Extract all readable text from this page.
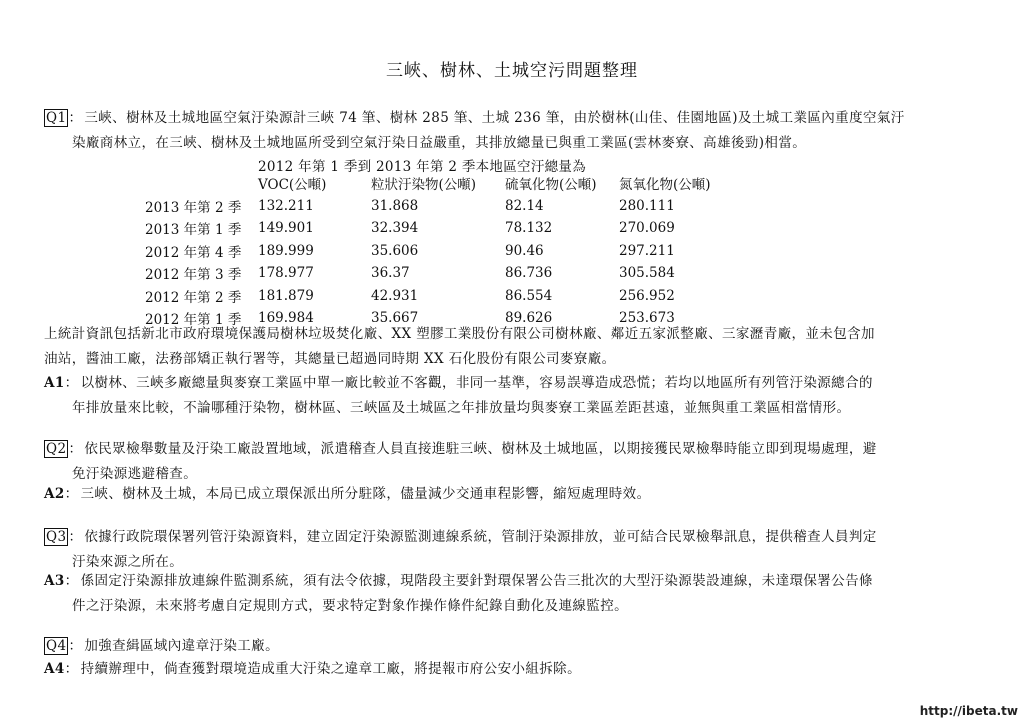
三峽、樹林、土城空污問題整理
Q1 ： 三峽、樹林及土城地區空氣汙染源計三峽 74 筆、樹林 285 筆、土城 236 筆，由於樹林(山佳、佳園地區)及土城工業區內重度空氣汙
染廠商林立，在三峽、樹林及土城地區所受到空氣汙染日益嚴重，其排放總量已與重工業區(雲林麥寮、高雄後勁)相當。
2012 年第 1 季到 2013 年第 2 季本地區空汙總量為
	VOC(公噸)	粒狀汙染物(公噸)	硫氧化物(公噸)	氮氧化物(公噸)
2013 年第 2 季	132.211	31.868	82.14	280.111
2013 年第 1 季	149.901	32.394	78.132	270.069
2012 年第 4 季	189.999	35.606	90.46	297.211
2012 年第 3 季	178.977	36.37	86.736	305.584
2012 年第 2 季	181.879	42.931	86.554	256.952
2012 年第 1 季	169.984	35.667	89.626	253.673
上統計資訊包括新北市政府環境保護局樹林垃圾焚化廠、XX 塑膠工業股份有限公司樹林廠、鄰近五家派整廠、三家瀝青廠，並未包含加
油站，醬油工廠，法務部矯正執行署等，其總量已超過同時期 XX 石化股份有限公司麥寮廠。
A1： 以樹林、三峽多廠總量與麥寮工業區中單一廠比較並不客觀，非同一基準，容易誤導造成恐慌；若均以地區所有列管汙染源總合的
年排放量來比較，不論哪種汙染物，樹林區、三峽區及土城區之年排放量均與麥寮工業區差距甚遠，並無與重工業區相當情形。
Q2 ： 依民眾檢舉數量及汙染工廠設置地域，派遣稽查人員直接進駐三峽、樹林及土城地區，以期接獲民眾檢舉時能立即到現場處理，避
免汙染源逃避稽查。
A2： 三峽、樹林及土城，本局已成立環保派出所分駐隊，儘量減少交通車程影響，縮短處理時效。
Q3 ： 依據行政院環保署列管汙染源資料，建立固定汙染源監測連線系統，管制汙染源排放，並可結合民眾檢舉訊息，提供稽查人員判定
汙染來源之所在。
A3： 係固定汙染源排放連線件監測系統，須有法令依據，現階段主要針對環保署公告三批次的大型汙染源裝設連線，未達環保署公告條
件之汙染源，未來將考慮自定規則方式，要求特定對象作操作條件紀錄自動化及連線監控。
Q4 ： 加強查緝區域內違章汙染工廠。
A4： 持續辦理中，倘查獲對環境造成重大汙染之違章工廠，將提報市府公安小組拆除。
http://ibeta.tw
